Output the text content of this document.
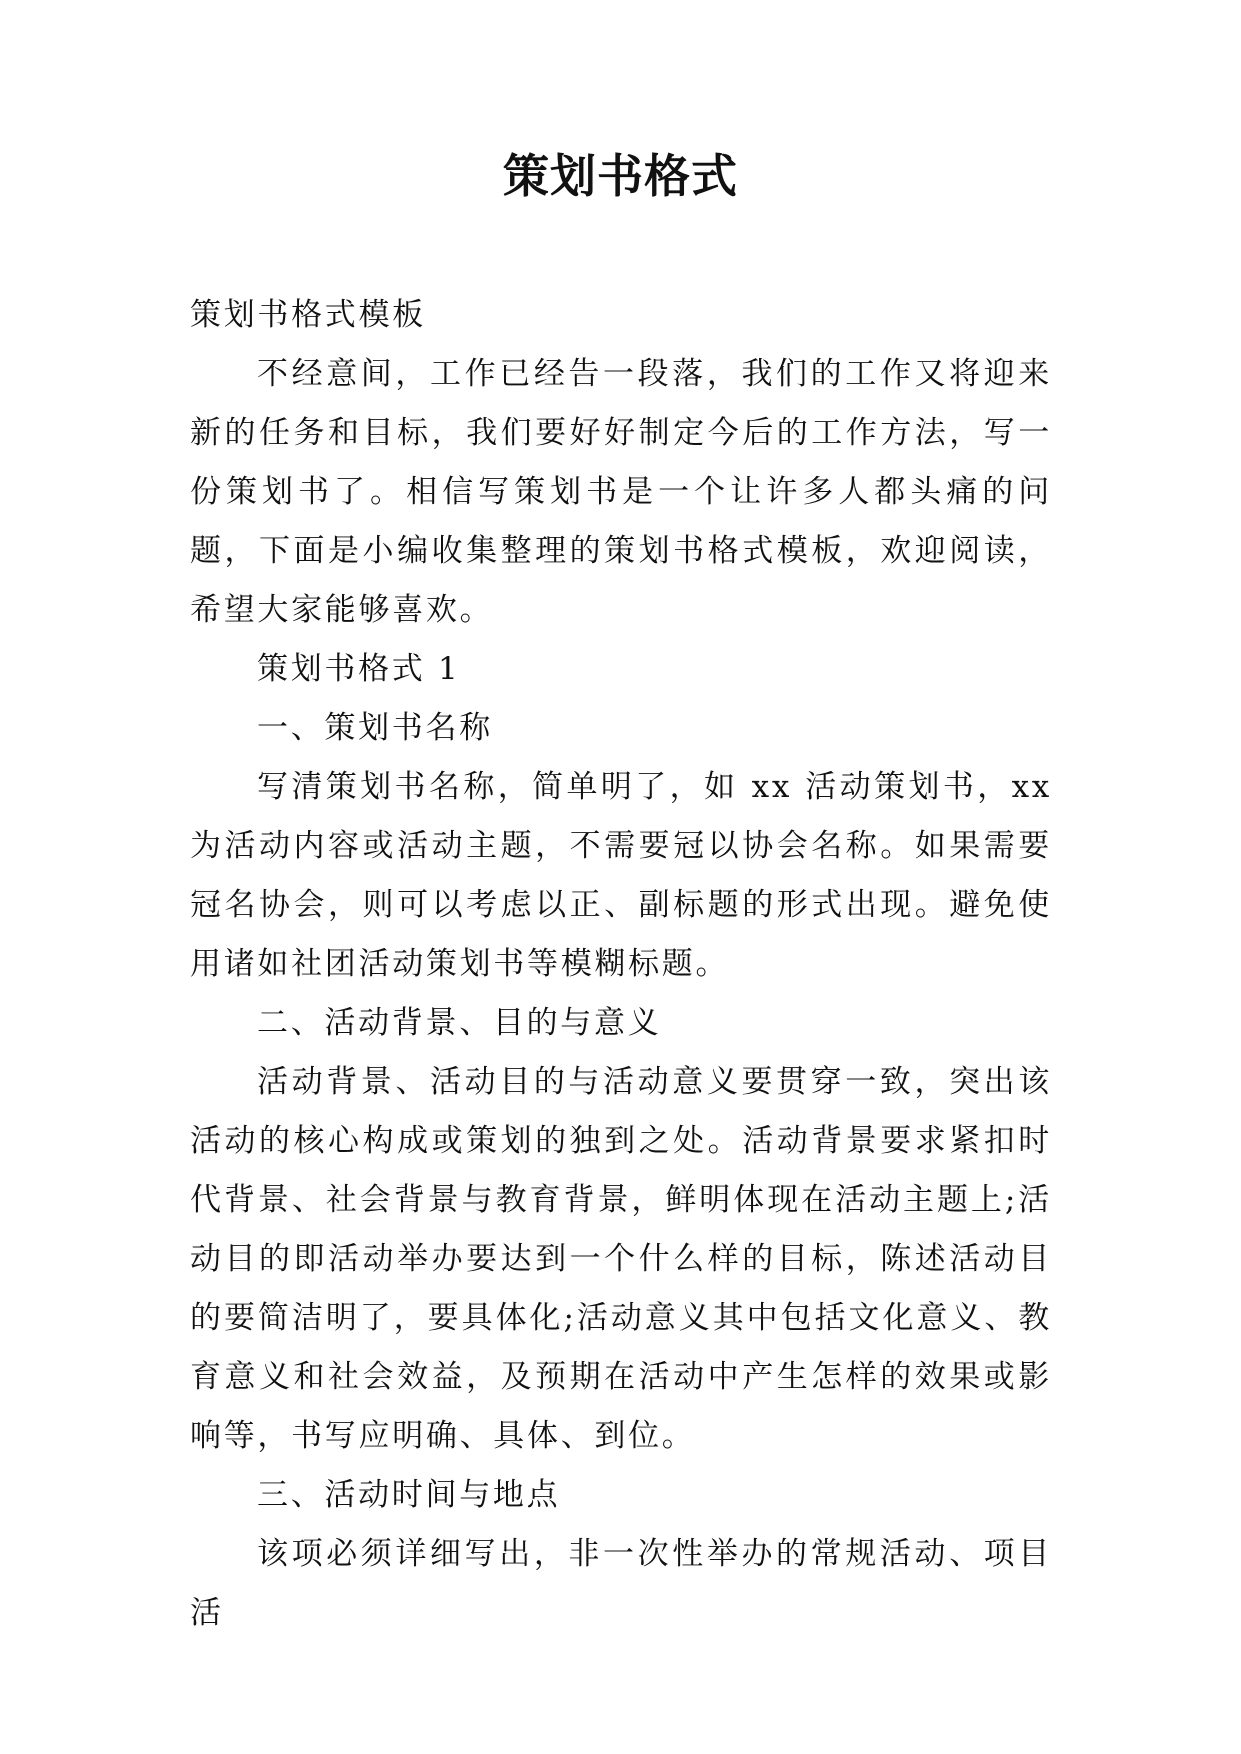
策划书格式

策划书格式模板

不经意间，工作已经告一段落，我们的工作又将迎来新的任务和目标，我们要好好制定今后的工作方法，写一份策划书了。相信写策划书是一个让许多人都头痛的问题，下面是小编收集整理的策划书格式模板，欢迎阅读，希望大家能够喜欢。

策划书格式 1

一、策划书名称

写清策划书名称，简单明了，如 xx 活动策划书，xx 为活动内容或活动主题，不需要冠以协会名称。如果需要冠名协会，则可以考虑以正、副标题的形式出现。避免使用诸如社团活动策划书等模糊标题。

二、活动背景、目的与意义

活动背景、活动目的与活动意义要贯穿一致，突出该活动的核心构成或策划的独到之处。活动背景要求紧扣时代背景、社会背景与教育背景，鲜明体现在活动主题上;活动目的即活动举办要达到一个什么样的目标，陈述活动目的要简洁明了，要具体化;活动意义其中包括文化意义、教育意义和社会效益，及预期在活动中产生怎样的效果或影响等，书写应明确、具体、到位。

三、活动时间与地点

该项必须详细写出，非一次性举办的常规活动、项目活
